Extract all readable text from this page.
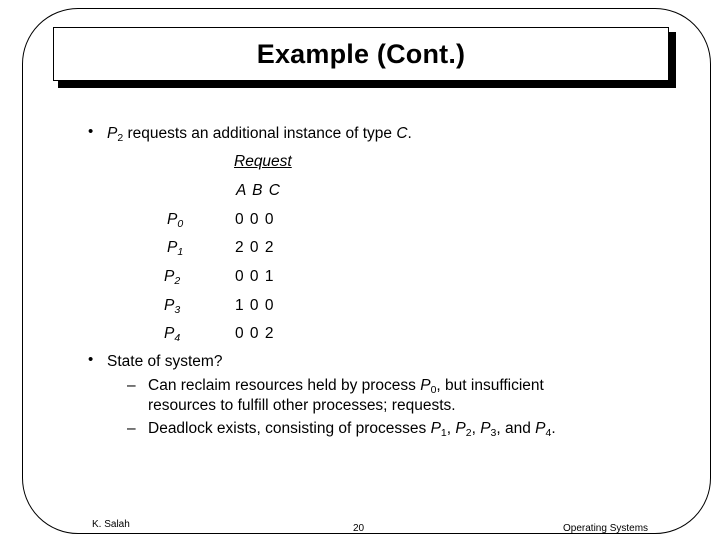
Example (Cont.)
• $P_2$ requests an additional instance of type C.
Request
A B C
$P_0$	0 0 0
$P_1$	2 0 2
$P_2$	0 0 1
$P_3$	1 0 0
$P_4$	0 0 2
• State of system?
– Can reclaim resources held by process $P_0$, but insufficient
resources to fulfill other processes; requests.
– Deadlock exists, consisting of processes $P_1$, $P_2$, $P_3$, and $P_4$.
K. Salah	20	Operating Systems
